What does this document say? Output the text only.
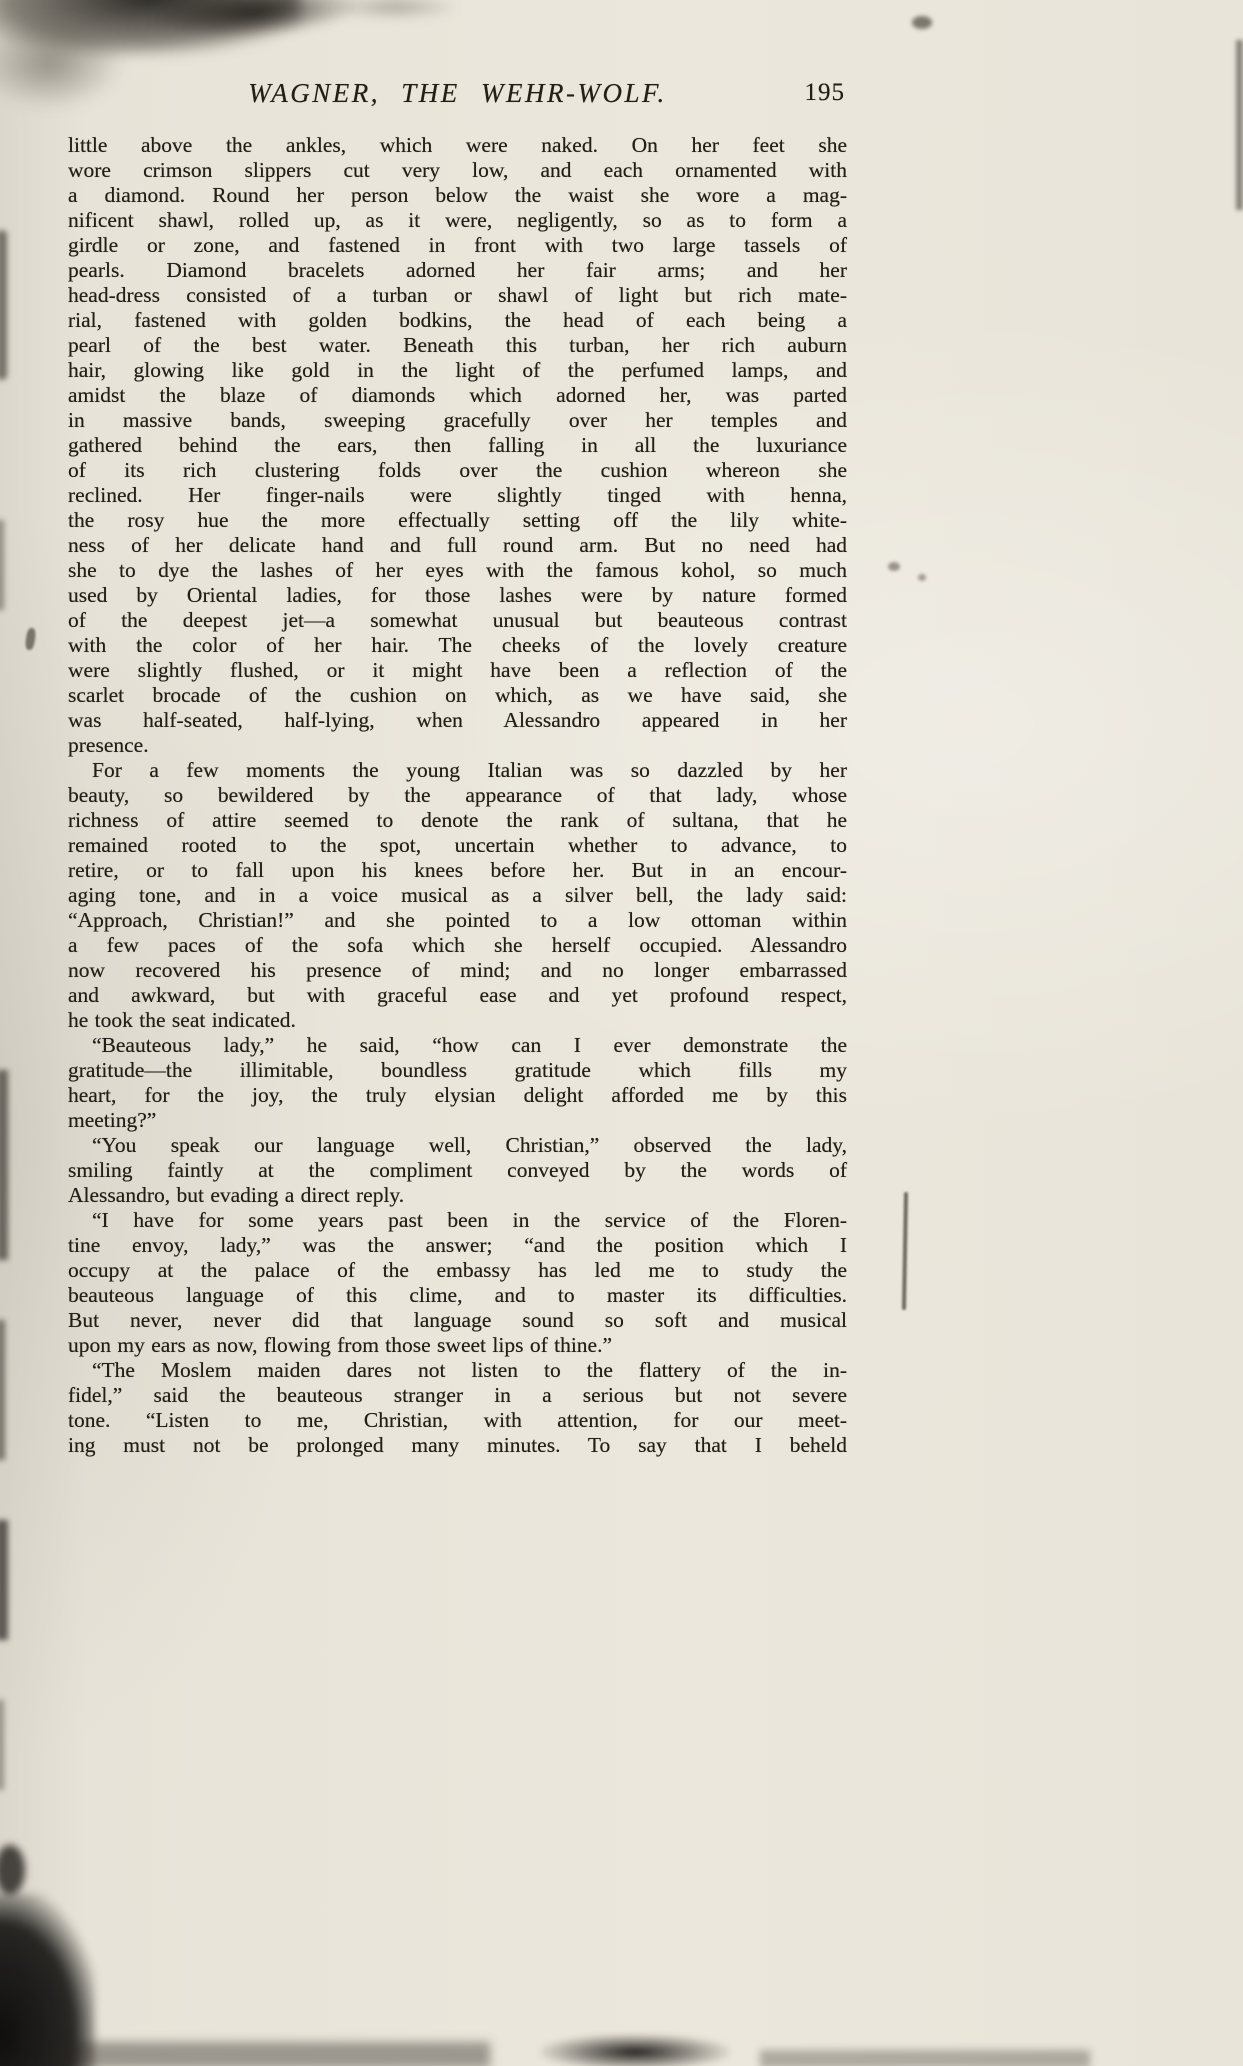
WAGNER, THE WEHR-WOLF.	195

little above the ankles, which were naked. On her feet she
wore crimson slippers cut very low, and each ornamented with
a diamond. Round her person below the waist she wore a mag-
nificent shawl, rolled up, as it were, negligently, so as to form a
girdle or zone, and fastened in front with two large tassels of
pearls. Diamond bracelets adorned her fair arms; and her
head-dress consisted of a turban or shawl of light but rich mate-
rial, fastened with golden bodkins, the head of each being a
pearl of the best water. Beneath this turban, her rich auburn
hair, glowing like gold in the light of the perfumed lamps, and
amidst the blaze of diamonds which adorned her, was parted
in massive bands, sweeping gracefully over her temples and
gathered behind the ears, then falling in all the luxuriance
of its rich clustering folds over the cushion whereon she
reclined. Her finger-nails were slightly tinged with henna,
the rosy hue the more effectually setting off the lily white-
ness of her delicate hand and full round arm. But no need had
she to dye the lashes of her eyes with the famous kohol, so much
used by Oriental ladies, for those lashes were by nature formed
of the deepest jet—a somewhat unusual but beauteous contrast
with the color of her hair. The cheeks of the lovely creature
were slightly flushed, or it might have been a reflection of the
scarlet brocade of the cushion on which, as we have said, she
was half-seated, half-lying, when Alessandro appeared in her
presence.

For a few moments the young Italian was so dazzled by her
beauty, so bewildered by the appearance of that lady, whose
richness of attire seemed to denote the rank of sultana, that he
remained rooted to the spot, uncertain whether to advance, to
retire, or to fall upon his knees before her. But in an encour-
aging tone, and in a voice musical as a silver bell, the lady said:
“Approach, Christian!” and she pointed to a low ottoman within
a few paces of the sofa which she herself occupied. Alessandro
now recovered his presence of mind; and no longer embarrassed
and awkward, but with graceful ease and yet profound respect,
he took the seat indicated.

“Beauteous lady,” he said, “how can I ever demonstrate the
gratitude—the illimitable, boundless gratitude which fills my
heart, for the joy, the truly elysian delight afforded me by this
meeting?”

“You speak our language well, Christian,” observed the lady,
smiling faintly at the compliment conveyed by the words of
Alessandro, but evading a direct reply.

“I have for some years past been in the service of the Floren-
tine envoy, lady,” was the answer; “and the position which I
occupy at the palace of the embassy has led me to study the
beauteous language of this clime, and to master its difficulties.
But never, never did that language sound so soft and musical
upon my ears as now, flowing from those sweet lips of thine.”

“The Moslem maiden dares not listen to the flattery of the in-
fidel,” said the beauteous stranger in a serious but not severe
tone. “Listen to me, Christian, with attention, for our meet-
ing must not be prolonged many minutes. To say that I beheld
